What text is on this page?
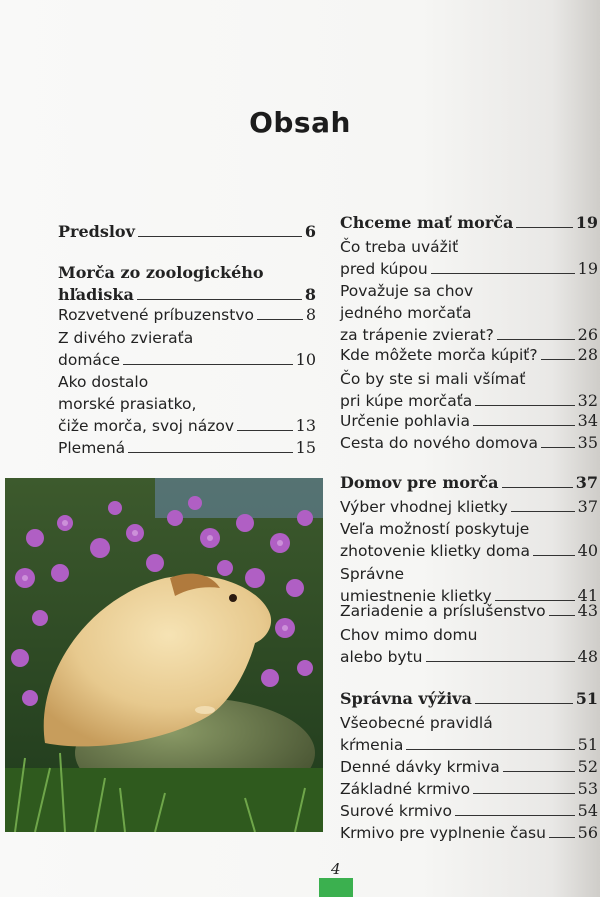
Obsah
Predslov	6
Morča zo zoologického
hľadiska	8
Rozvetvené príbuzenstvo	8
Z divého zvieraťa
domáce	10
Ako dostalo
morské prasiatko,
čiže morča, svoj názov	13
Plemená	15
Chceme mať morča	19
Čo treba uvážiť
pred kúpou	19
Považuje sa chov
jedného morčaťa
za trápenie zvierat?	26
Kde môžete morča kúpiť?	28
Čo by ste si mali všímať
pri kúpe morčaťa	32
Určenie pohlavia	34
Cesta do nového domova 35
Domov pre morča	37
Výber vhodnej klietky	37
Veľa možností poskytuje
zhotovenie klietky doma	40
Správne
umiestnenie klietky	41
Zariadenie a príslušenstvo 43
Chov mimo domu
alebo bytu	48
Správna výživa	51
Všeobecné pravidlá
kŕmenia	51
Denné dávky krmiva	52
Základné krmivo	53
Surové krmivo	54
Krmivo pre vyplnenie času 56
4
